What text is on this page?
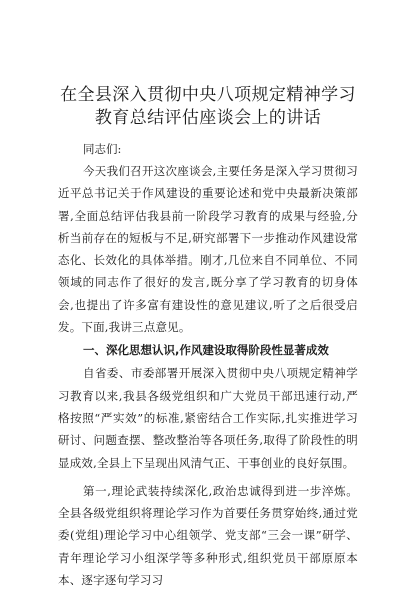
在全县深入贯彻中央八项规定精神学习教育总结评估座谈会上的讲话

同志们:

今天我们召开这次座谈会,主要任务是深入学习贯彻习近平总书记关于作风建设的重要论述和党中央最新决策部署,全面总结评估我县前一阶段学习教育的成果与经验,分析当前存在的短板与不足,研究部署下一步推动作风建设常态化、长效化的具体举措。刚才,几位来自不同单位、不同领域的同志作了很好的发言,既分享了学习教育的切身体会,也提出了许多富有建设性的意见建议,听了之后很受启发。下面,我讲三点意见。

一、深化思想认识,作风建设取得阶段性显著成效

自省委、市委部署开展深入贯彻中央八项规定精神学习教育以来,我县各级党组织和广大党员干部迅速行动,严格按照“严实效”的标准,紧密结合工作实际,扎实推进学习研讨、问题查摆、整改整治等各项任务,取得了阶段性的明显成效,全县上下呈现出风清气正、干事创业的良好氛围。

第一,理论武装持续深化,政治忠诚得到进一步淬炼。全县各级党组织将理论学习作为首要任务贯穿始终,通过党委(党组)理论学习中心组领学、党支部“三会一课”研学、青年理论学习小组深学等多种形式,组织党员干部原原本本、逐字逐句学习习
